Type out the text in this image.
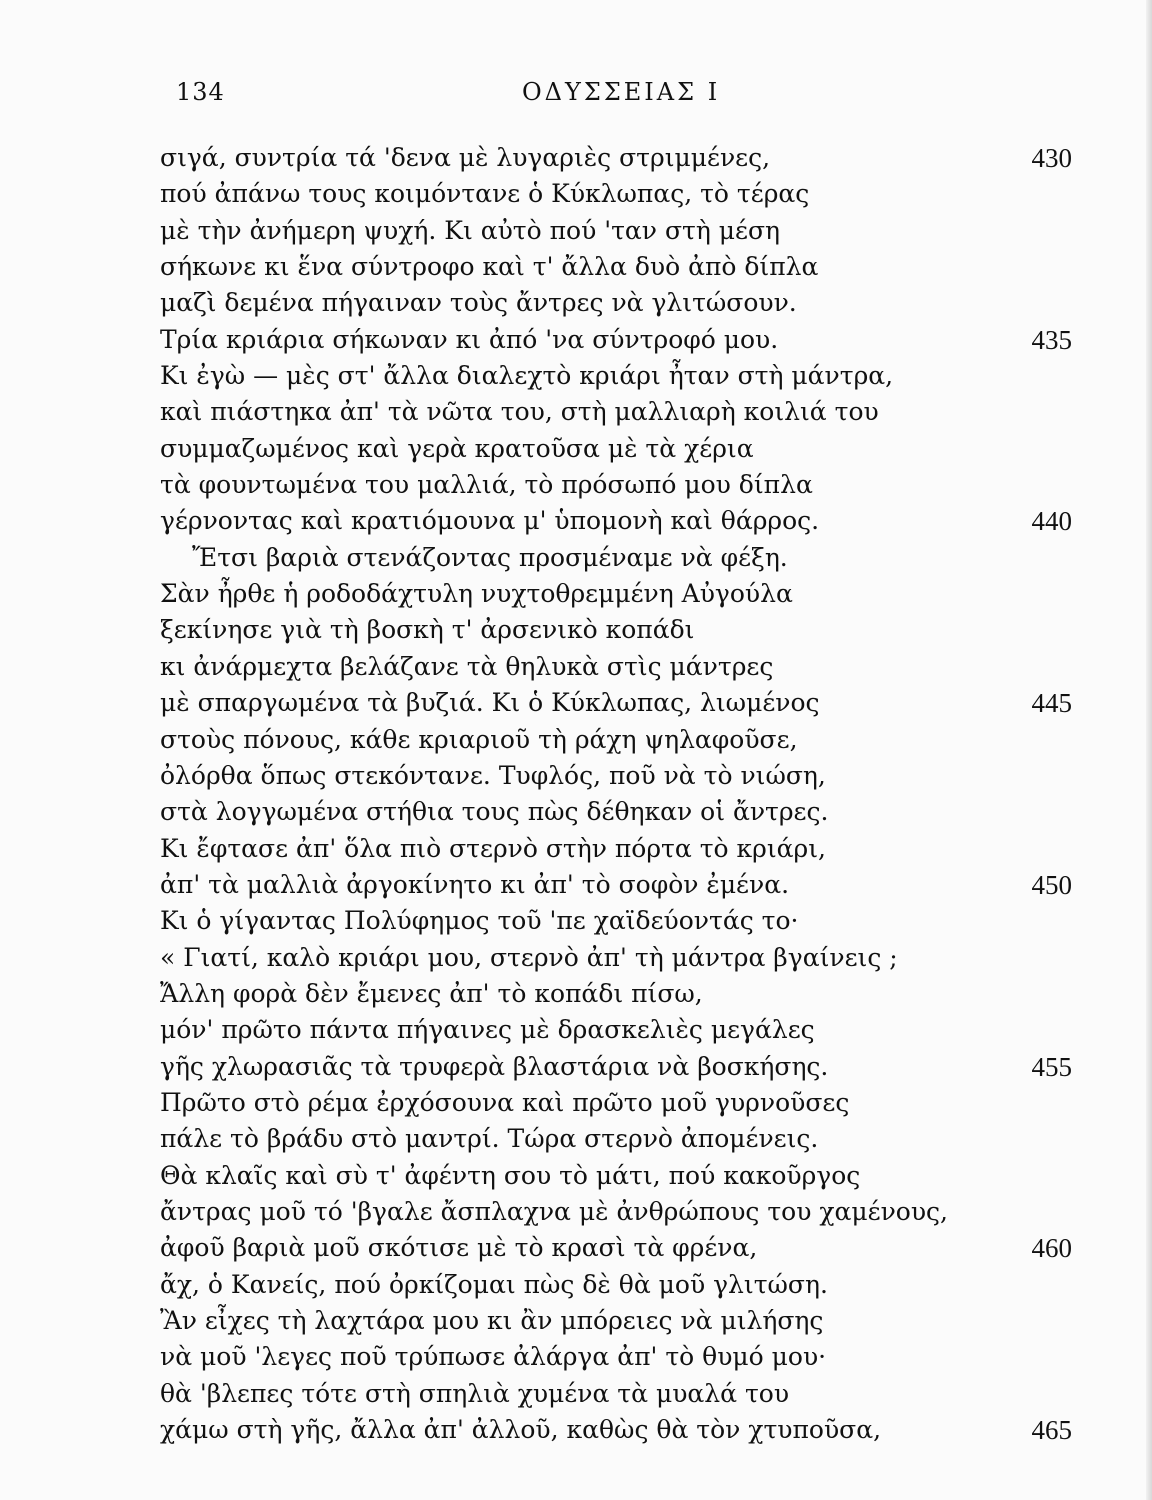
134	ΟΔΥΣΣΕΙΑΣ Ι
σιγά, συντρία τά 'δενα μὲ λυγαριὲς στριμμένες,	430
πού ἀπάνω τους κοιμόντανε ὁ Κύκλωπας, τὸ τέρας
μὲ τὴν ἀνήμερη ψυχή. Κι αὐτὸ πού 'ταν στὴ μέση
σήκωνε κι ἕνα σύντροφο καὶ τ' ἄλλα δυὸ ἀπὸ δίπλα
μαζὶ δεμένα πήγαιναν τοὺς ἄντρες νὰ γλιτώσουν.
Τρία κριάρια σήκωναν κι ἀπό 'να σύντροφό μου.	435
Κι ἐγὼ — μὲς στ' ἄλλα διαλεχτὸ κριάρι ἦταν στὴ μάντρα,
καὶ πιάστηκα ἀπ' τὰ νῶτα του, στὴ μαλλιαρὴ κοιλιά του
συμμαζωμένος καὶ γερὰ κρατοῦσα μὲ τὰ χέρια
τὰ φουντωμένα του μαλλιά, τὸ πρόσωπό μου δίπλα
γέρνοντας καὶ κρατιόμουνα μ' ὑπομονὴ καὶ θάρρος.	440
Ἔτσι βαριὰ στενάζοντας προσμέναμε νὰ φέξη.
Σὰν ἦρθε ἡ ροδοδάχτυλη νυχτοθρεμμένη Αὐγούλα
ξεκίνησε γιὰ τὴ βοσκὴ τ' ἀρσενικὸ κοπάδι
κι ἀνάρμεχτα βελάζανε τὰ θηλυκὰ στὶς μάντρες
μὲ σπαργωμένα τὰ βυζιά. Κι ὁ Κύκλωπας, λιωμένος	445
στοὺς πόνους, κάθε κριαριοῦ τὴ ράχη ψηλαφοῦσε,
ὀλόρθα ὅπως στεκόντανε. Τυφλός, ποῦ νὰ τὸ νιώση,
στὰ λογγωμένα στήθια τους πὼς δέθηκαν οἱ ἄντρες.
Κι ἔφτασε ἀπ' ὅλα πιὸ στερνὸ στὴν πόρτα τὸ κριάρι,
ἀπ' τὰ μαλλιὰ ἀργοκίνητο κι ἀπ' τὸ σοφὸν ἐμένα.	450
Κι ὁ γίγαντας Πολύφημος τοῦ 'πε χαϊδεύοντάς το·
« Γιατί, καλὸ κριάρι μου, στερνὸ ἀπ' τὴ μάντρα βγαίνεις ;
Ἄλλη φορὰ δὲν ἔμενες ἀπ' τὸ κοπάδι πίσω,
μόν' πρῶτο πάντα πήγαινες μὲ δρασκελιὲς μεγάλες
γῆς χλωρασιᾶς τὰ τρυφερὰ βλαστάρια νὰ βοσκήσης.	455
Πρῶτο στὸ ρέμα ἐρχόσουνα καὶ πρῶτο μοῦ γυρνοῦσες
πάλε τὸ βράδυ στὸ μαντρί. Τώρα στερνὸ ἀπομένεις.
Θὰ κλαῖς καὶ σὺ τ' ἀφέντη σου τὸ μάτι, πού κακοῦργος
ἄντρας μοῦ τό 'βγαλε ἄσπλαχνα μὲ ἀνθρώπους του χαμένους,
ἀφοῦ βαριὰ μοῦ σκότισε μὲ τὸ κρασὶ τὰ φρένα,	460
ἄχ, ὁ Κανείς, πού ὀρκίζομαι πὼς δὲ θὰ μοῦ γλιτώση.
Ἂν εἶχες τὴ λαχτάρα μου κι ἂν μπόρειες νὰ μιλήσης
νὰ μοῦ 'λεγες ποῦ τρύπωσε ἀλάργα ἀπ' τὸ θυμό μου·
θὰ 'βλεπες τότε στὴ σπηλιὰ χυμένα τὰ μυαλά του
χάμω στὴ γῆς, ἄλλα ἀπ' ἀλλοῦ, καθὼς θὰ τὸν χτυποῦσα,	465
